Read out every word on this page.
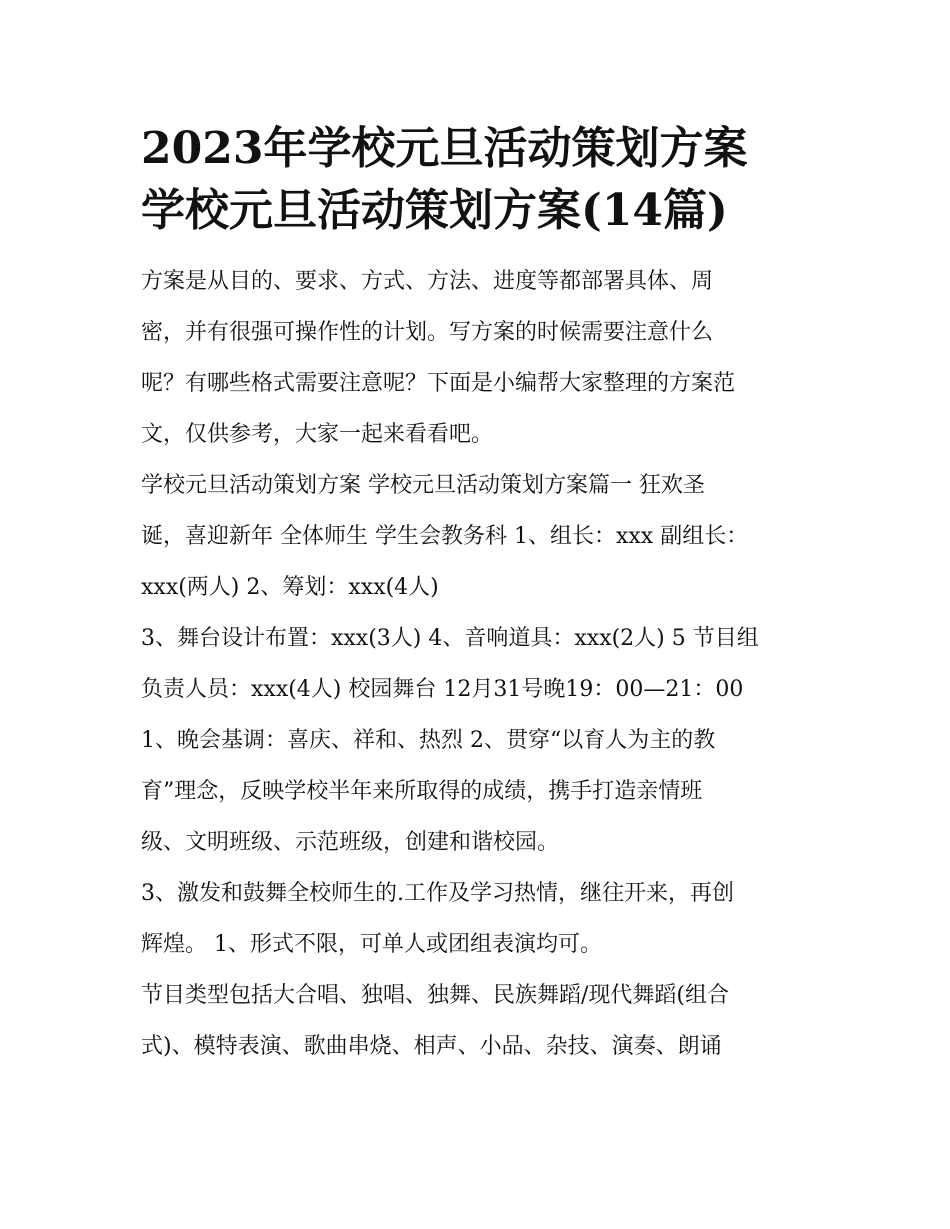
2023年学校元旦活动策划方案
学校元旦活动策划方案(14篇)
方案是从目的、要求、方式、方法、进度等都部署具体、周
密，并有很强可操作性的计划。写方案的时候需要注意什么
呢？有哪些格式需要注意呢？下面是小编帮大家整理的方案范
文，仅供参考，大家一起来看看吧。
学校元旦活动策划方案 学校元旦活动策划方案篇一 狂欢圣
诞，喜迎新年 全体师生 学生会教务科 1、组长：xxx 副组长：
xxx(两人) 2、筹划：xxx(4人)
3、舞台设计布置：xxx(3人) 4、音响道具：xxx(2人) 5 节目组
负责人员：xxx(4人) 校园舞台 12月31号晚19：00—21：00
1、晚会基调：喜庆、祥和、热烈 2、贯穿“以育人为主的教
育”理念，反映学校半年来所取得的成绩，携手打造亲情班
级、文明班级、示范班级，创建和谐校园。
3、激发和鼓舞全校师生的.工作及学习热情，继往开来，再创
辉煌。 1、形式不限，可单人或团组表演均可。
节目类型包括大合唱、独唱、独舞、民族舞蹈/现代舞蹈(组合
式)、模特表演、歌曲串烧、相声、小品、杂技、演奏、朗诵
